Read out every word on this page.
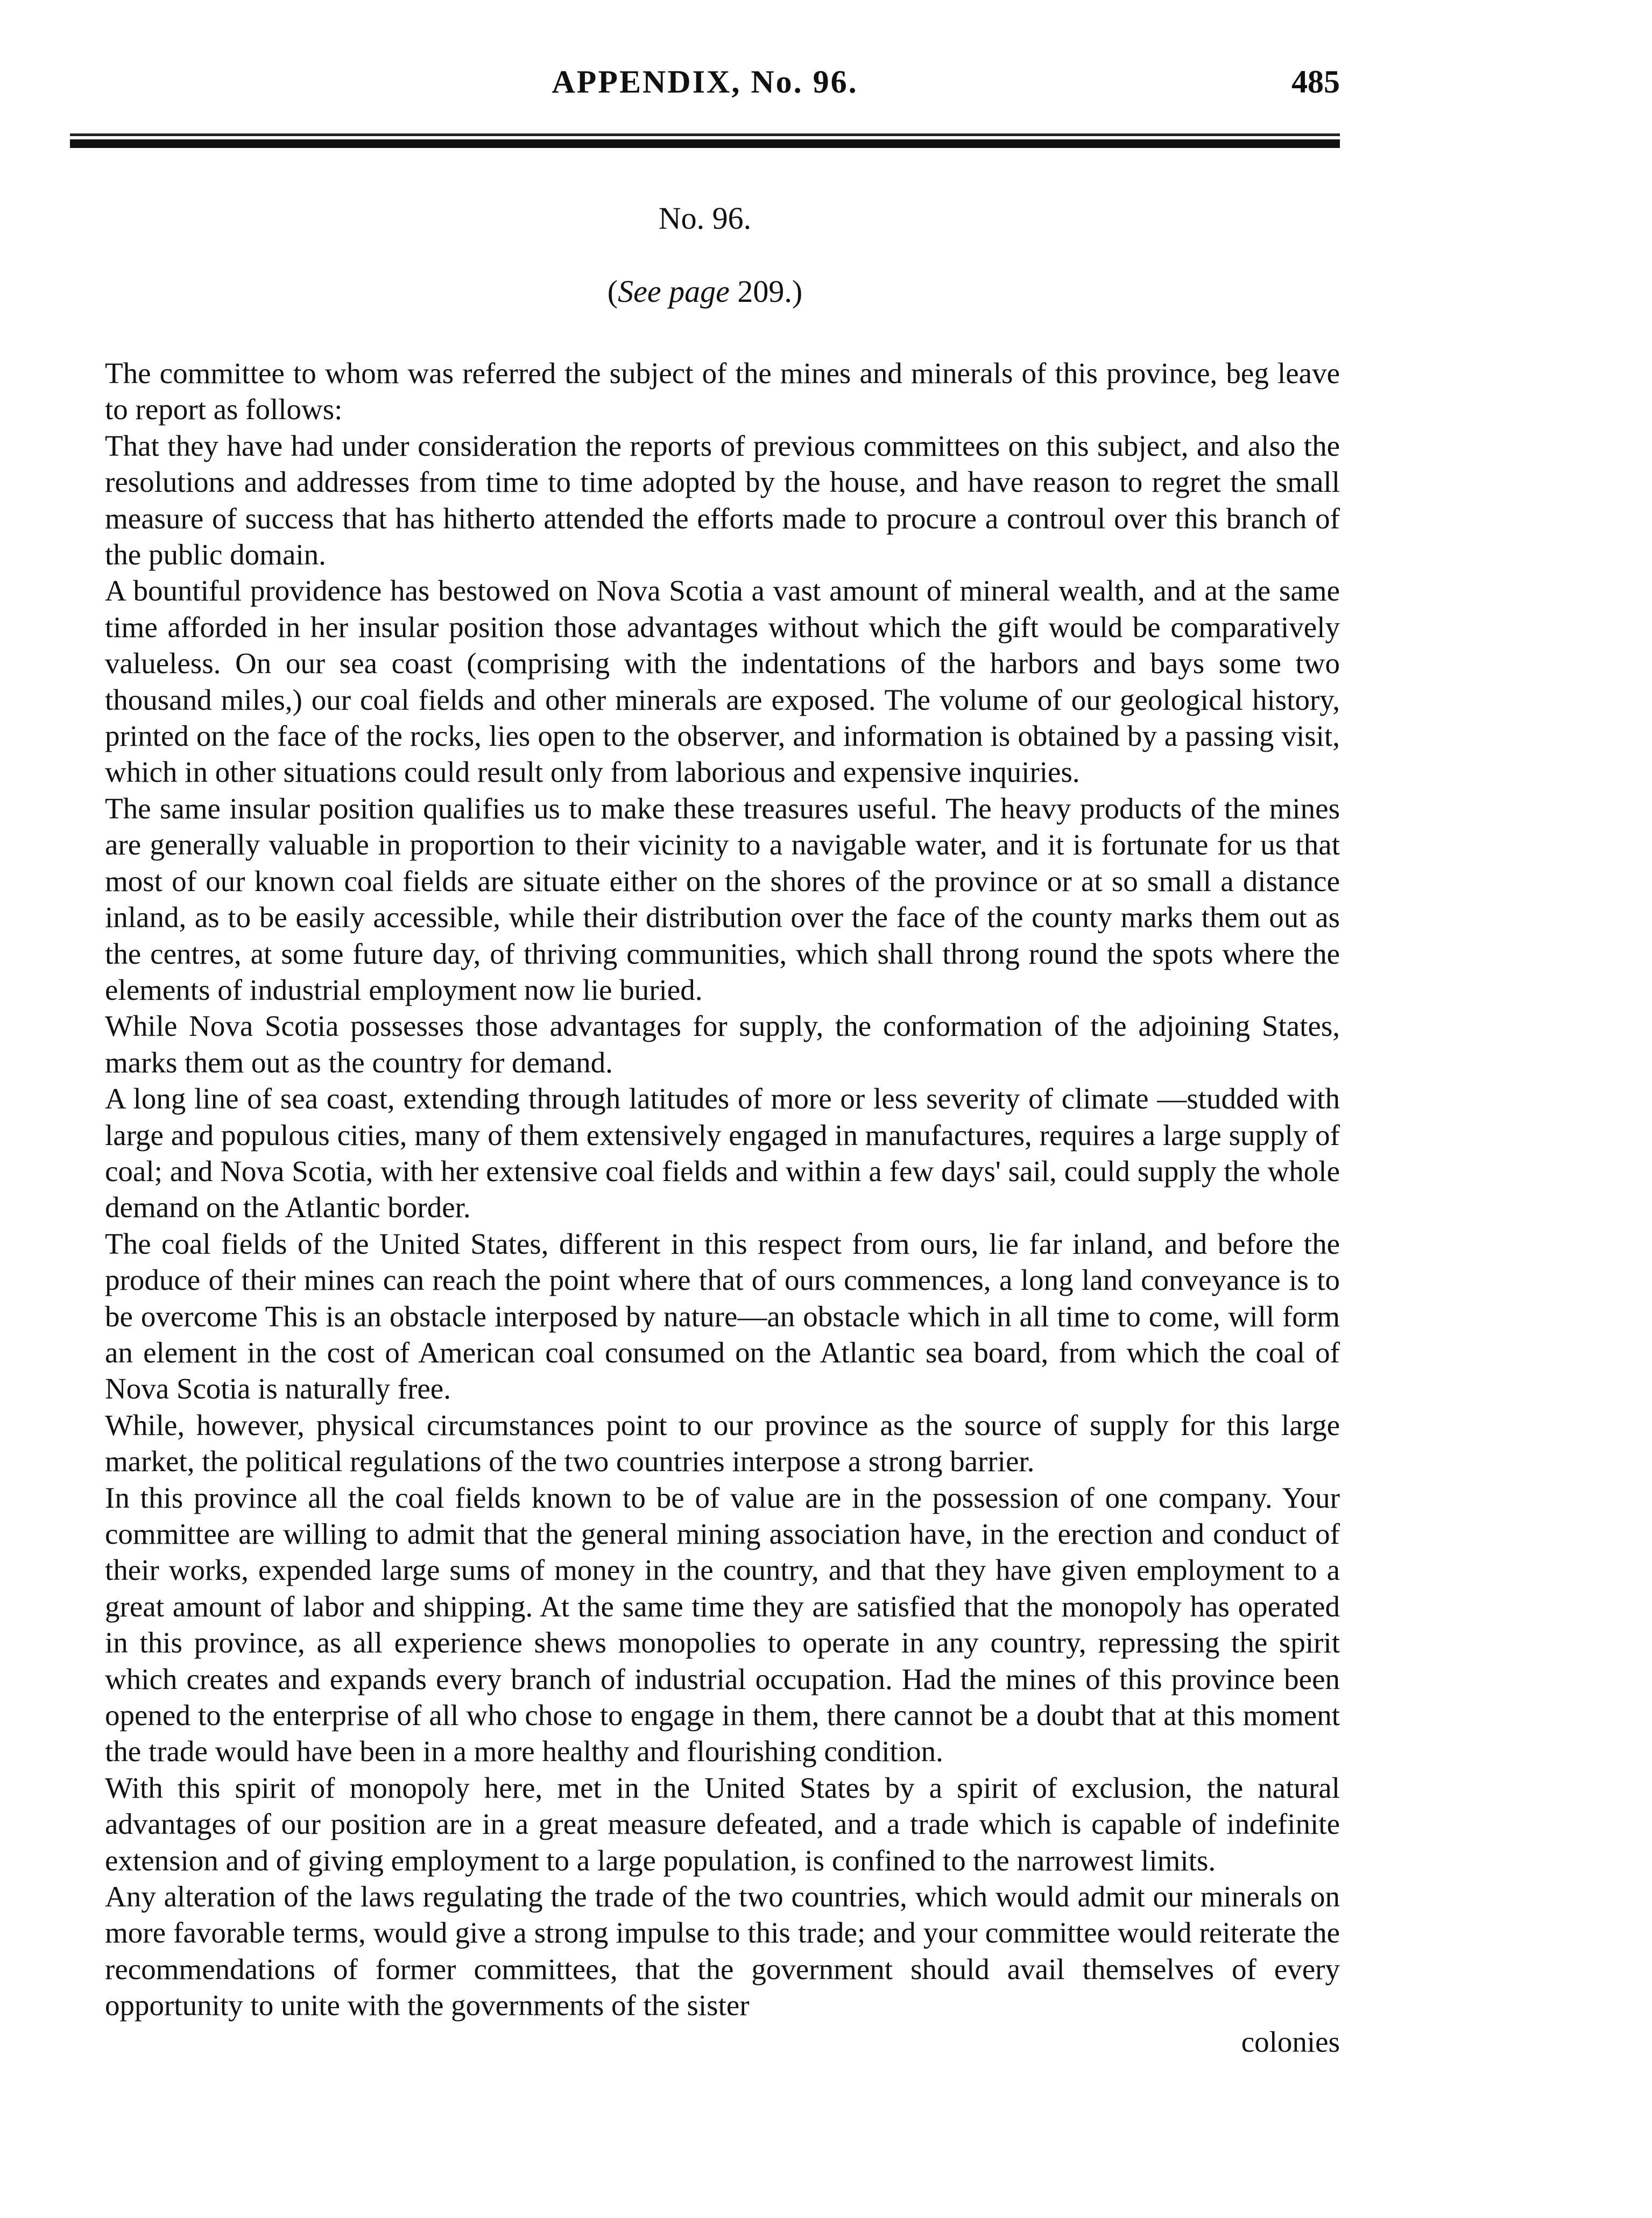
APPENDIX, No. 96.	485
No. 96.
(See page 209.)

The committee to whom was referred the subject of the mines and minerals of this province, beg leave to report as follows:

That they have had under consideration the reports of previous committees on this subject, and also the resolutions and addresses from time to time adopted by the house, and have reason to regret the small measure of success that has hitherto attended the efforts made to procure a controul over this branch of the public domain.

A bountiful providence has bestowed on Nova Scotia a vast amount of mineral wealth, and at the same time afforded in her insular position those advantages without which the gift would be comparatively valueless. On our sea coast (comprising with the indentations of the harbors and bays some two thousand miles,) our coal fields and other minerals are exposed. The volume of our geological history, printed on the face of the rocks, lies open to the observer, and information is obtained by a passing visit, which in other situations could result only from laborious and expensive inquiries.

The same insular position qualifies us to make these treasures useful. The heavy products of the mines are generally valuable in proportion to their vicinity to a navigable water, and it is fortunate for us that most of our known coal fields are situate either on the shores of the province or at so small a distance inland, as to be easily accessible, while their distribution over the face of the county marks them out as the centres, at some future day, of thriving communities, which shall throng round the spots where the elements of industrial employment now lie buried.

While Nova Scotia possesses those advantages for supply, the conformation of the adjoining States, marks them out as the country for demand.

A long line of sea coast, extending through latitudes of more or less severity of climate —studded with large and populous cities, many of them extensively engaged in manufactures, requires a large supply of coal; and Nova Scotia, with her extensive coal fields and within a few days' sail, could supply the whole demand on the Atlantic border.

The coal fields of the United States, different in this respect from ours, lie far inland, and before the produce of their mines can reach the point where that of ours commences, a long land conveyance is to be overcome This is an obstacle interposed by nature—an obstacle which in all time to come, will form an element in the cost of American coal consumed on the Atlantic sea board, from which the coal of Nova Scotia is naturally free.

While, however, physical circumstances point to our province as the source of supply for this large market, the political regulations of the two countries interpose a strong barrier.

In this province all the coal fields known to be of value are in the possession of one company. Your committee are willing to admit that the general mining association have, in the erection and conduct of their works, expended large sums of money in the country, and that they have given employment to a great amount of labor and shipping. At the same time they are satisfied that the monopoly has operated in this province, as all experience shews monopolies to operate in any country, repressing the spirit which creates and expands every branch of industrial occupation. Had the mines of this province been opened to the enterprise of all who chose to engage in them, there cannot be a doubt that at this moment the trade would have been in a more healthy and flourishing condition.

With this spirit of monopoly here, met in the United States by a spirit of exclusion, the natural advantages of our position are in a great measure defeated, and a trade which is capable of indefinite extension and of giving employment to a large population, is confined to the narrowest limits.

Any alteration of the laws regulating the trade of the two countries, which would admit our minerals on more favorable terms, would give a strong impulse to this trade; and your committee would reiterate the recommendations of former committees, that the government should avail themselves of every opportunity to unite with the governments of the sister

colonies
